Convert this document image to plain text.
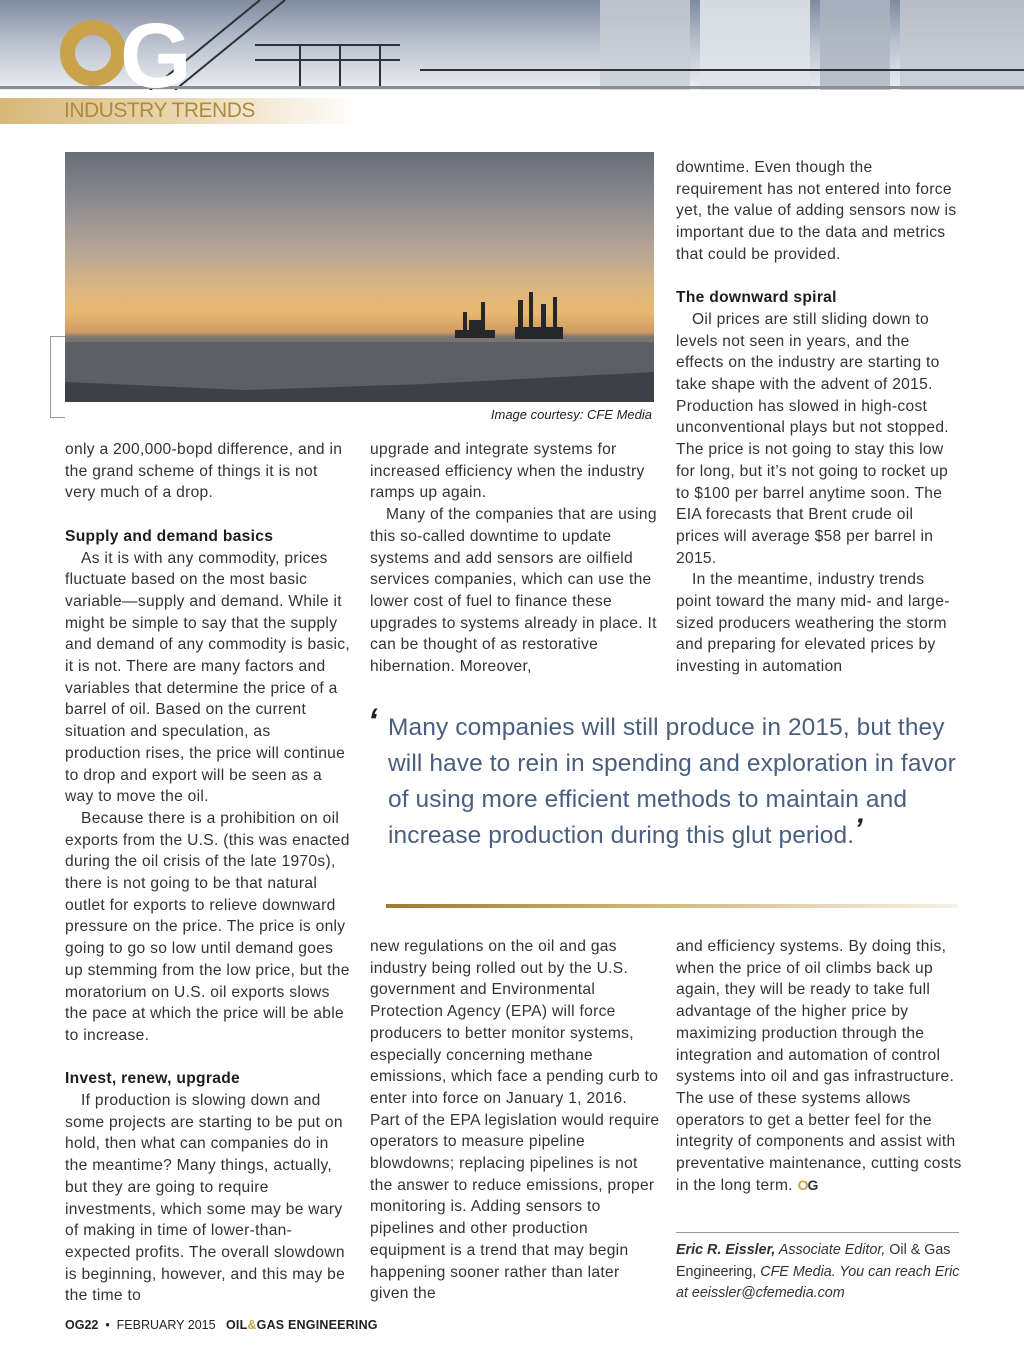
G
INDUSTRY TRENDS
Image courtesy: CFE Media

only a 200,000-bopd difference, and in the grand scheme of things it is not very much of a drop.

Supply and demand basics

As it is with any commodity, prices fluctuate based on the most basic variable—supply and demand. While it might be simple to say that the supply and demand of any commodity is basic, it is not. There are many factors and variables that determine the price of a barrel of oil. Based on the current situation and speculation, as production rises, the price will continue to drop and export will be seen as a way to move the oil.

Because there is a prohibition on oil exports from the U.S. (this was enacted during the oil crisis of the late 1970s), there is not going to be that natural outlet for exports to relieve downward pressure on the price. The price is only going to go so low until demand goes up stemming from the low price, but the moratorium on U.S. oil exports slows the pace at which the price will be able to increase.

Invest, renew, upgrade

If production is slowing down and some projects are starting to be put on hold, then what can companies do in the meantime? Many things, actually, but they are going to require investments, which some may be wary of making in time of lower-than-expected profits. The overall slowdown is beginning, however, and this may be the time to

upgrade and integrate systems for increased efficiency when the industry ramps up again.

Many of the companies that are using this so-called downtime to update systems and add sensors are oilfield services companies, which can use the lower cost of fuel to finance these upgrades to systems already in place. It can be thought of as restorative hibernation. Moreover,

downtime. Even though the requirement has not entered into force yet, the value of adding sensors now is important due to the data and metrics that could be provided.

The downward spiral

Oil prices are still sliding down to levels not seen in years, and the effects on the industry are starting to take shape with the advent of 2015. Production has slowed in high-cost unconventional plays but not stopped. The price is not going to stay this low for long, but it’s not going to rocket up to $100 per barrel anytime soon. The EIA forecasts that Brent crude oil prices will average $58 per barrel in 2015.

In the meantime, industry trends point toward the many mid- and large-sized producers weathering the storm and preparing for elevated prices by investing in automation

‘ Many companies will still produce in 2015, but they will have to rein in spending and exploration in favor of using more efficient methods to maintain and increase production during this glut period.’

new regulations on the oil and gas industry being rolled out by the U.S. government and Environmental Protection Agency (EPA) will force producers to better monitor systems, especially concerning methane emissions, which face a pending curb to enter into force on January 1, 2016. Part of the EPA legislation would require operators to measure pipeline blowdowns; replacing pipelines is not the answer to reduce emissions, proper monitoring is. Adding sensors to pipelines and other production equipment is a trend that may begin happening sooner rather than later given the

and efficiency systems. By doing this, when the price of oil climbs back up again, they will be ready to take full advantage of the higher price by maximizing production through the integration and automation of control systems into oil and gas infrastructure. The use of these systems allows operators to get a better feel for the integrity of components and assist with preventative maintenance, cutting costs in the long term. OG

Eric R. Eissler, Associate Editor, Oil & Gas Engineering, CFE Media. You can reach Eric at eeissler@cfemedia.com
OG22 • FEBRUARY 2015 OIL&GAS ENGINEERING
